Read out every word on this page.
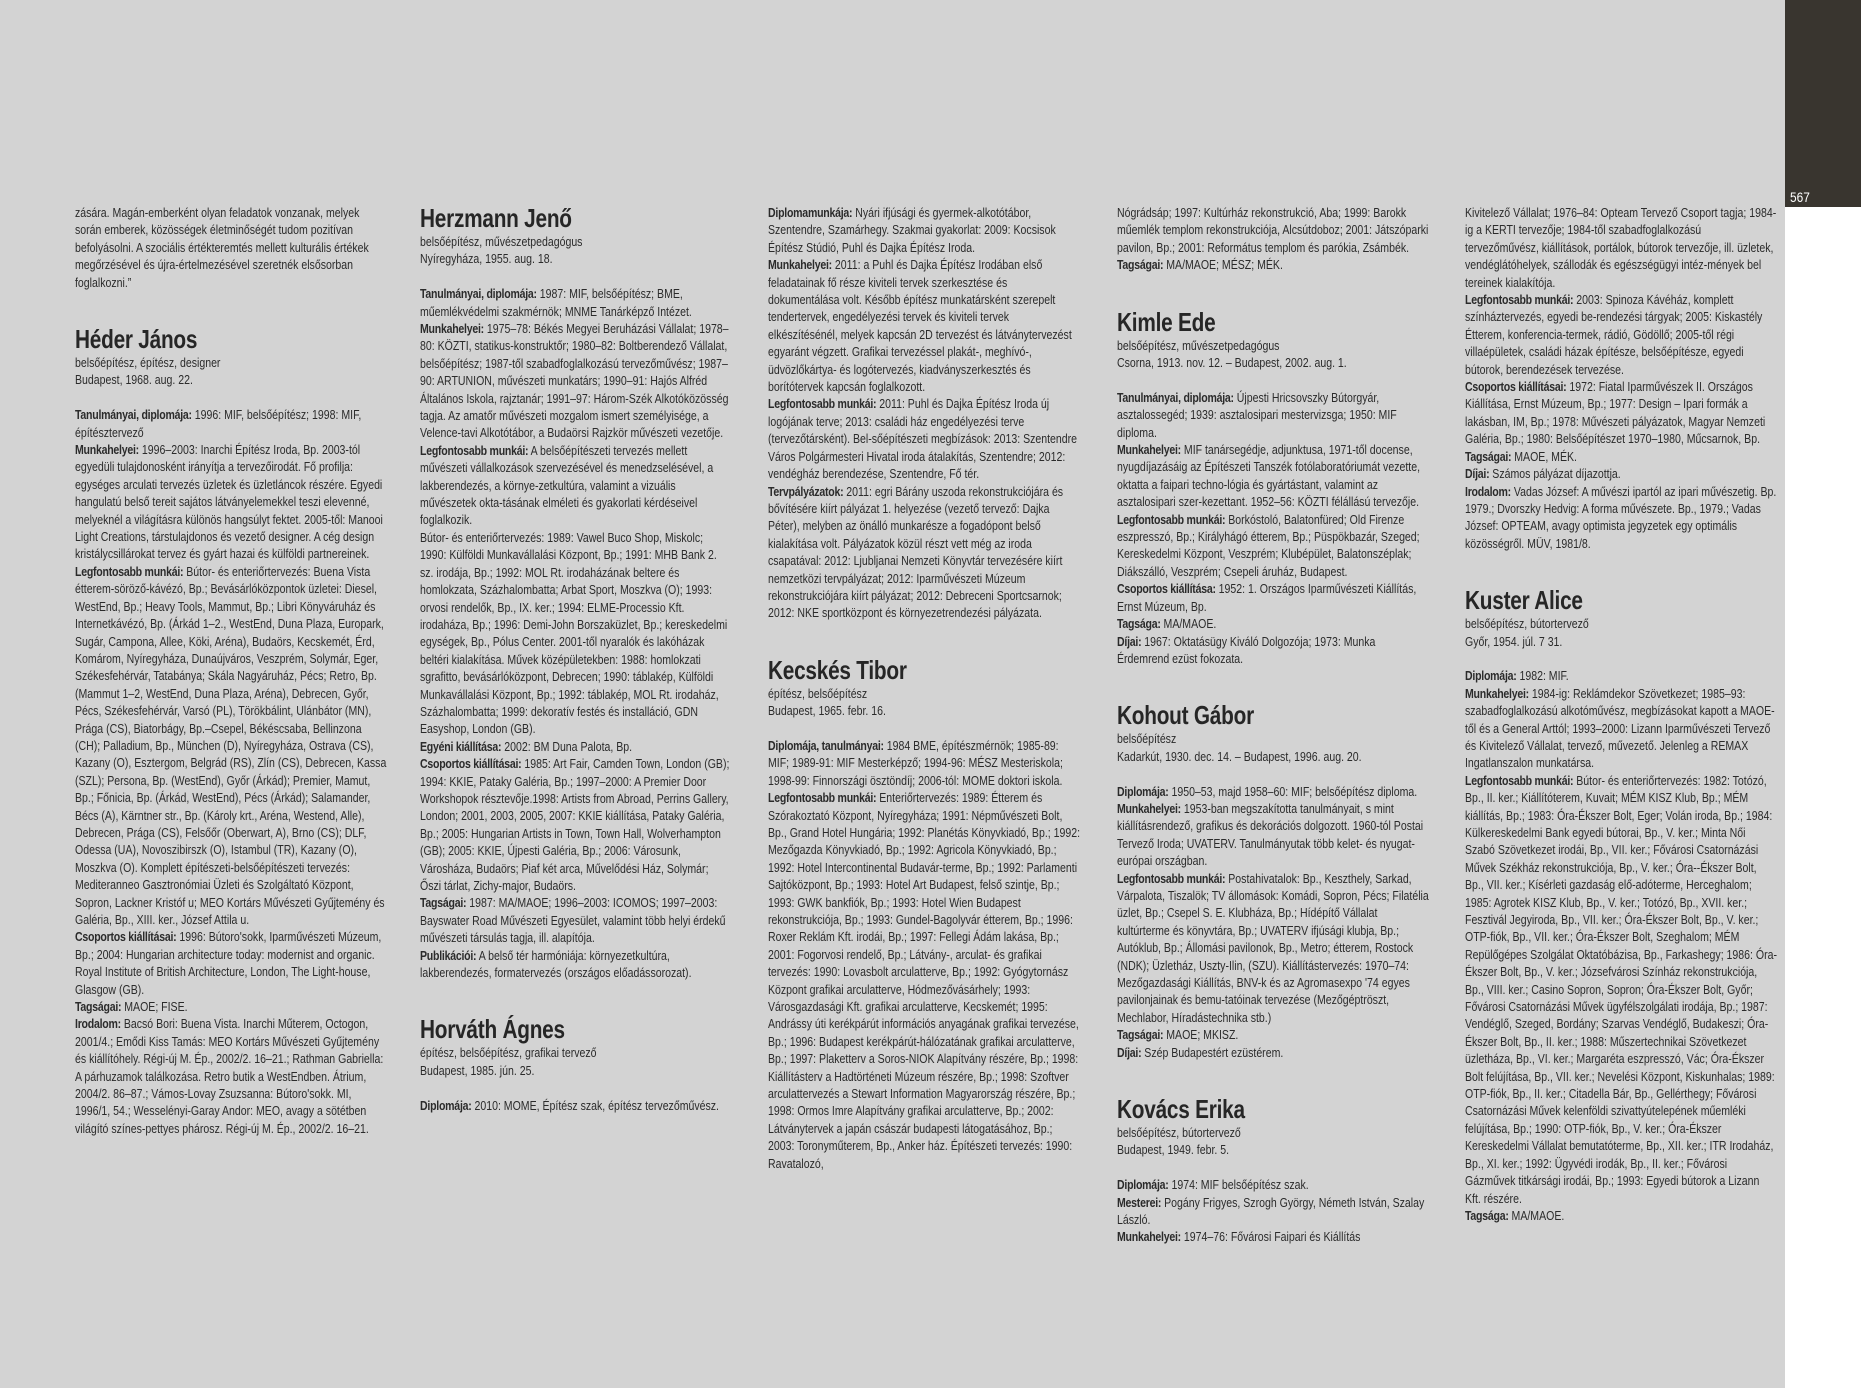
567

zására. Magán-emberként olyan feladatok vonzanak, melyek során emberek, közösségek életminőségét tudom pozitívan befolyásolni. A szociális értékteremtés mellett kulturális értékek megőrzésével és újra-értelmezésével szeretnék elsősorban foglalkozni.”

Héder János
belsőépítész, építész, designer
Budapest, 1968. aug. 22.

Tanulmányai, diplomája: 1996: MIF, belsőépítész; 1998: MIF, építésztervező

Munkahelyei: 1996–2003: Inarchi Építész Iroda, Bp. 2003-tól egyedüli tulajdonosként irányítja a tervezőirodát. Fő profilja: egységes arculati tervezés üzletek és üzletláncok részére. Egyedi hangulatú belső tereit sajátos látványelemekkel teszi elevenné, melyeknél a világításra különös hangsúlyt fektet. 2005-től: Manooi Light Creations, társtulajdonos és vezető designer. A cég design kristálycsillárokat tervez és gyárt hazai és külföldi partnereinek.

Legfontosabb munkái: Bútor- és enteriőrtervezés: Buena Vista étterem-söröző-kávézó, Bp.; Bevásárlóközpontok üzletei: Diesel, WestEnd, Bp.; Heavy Tools, Mammut, Bp.; Libri Könyváruház és Internetkávézó, Bp. (Árkád 1–2., WestEnd, Duna Plaza, Europark, Sugár, Campona, Allee, Köki, Aréna), Budaörs, Kecskemét, Érd, Komárom, Nyíregyháza, Dunaújváros, Veszprém, Solymár, Eger, Székesfehérvár, Tatabánya; Skála Nagyáruház, Pécs; Retro, Bp. (Mammut 1–2, WestEnd, Duna Plaza, Aréna), Debrecen, Győr, Pécs, Székesfehérvár, Varsó (PL), Törökbálint, Ulánbátor (MN), Prága (CS), Biatorbágy, Bp.–Csepel, Békéscsaba, Bellinzona (CH); Palladium, Bp., München (D), Nyíregyháza, Ostrava (CS), Kazany (O), Esztergom, Belgrád (RS), Zlín (CS), Debrecen, Kassa (SZL); Persona, Bp. (WestEnd), Győr (Árkád); Premier, Mamut, Bp.; Főnicia, Bp. (Árkád, WestEnd), Pécs (Árkád); Salamander, Bécs (A), Kärntner str., Bp. (Károly krt., Aréna, Westend, Alle), Debrecen, Prága (CS), Felsőőr (Oberwart, A), Brno (CS); DLF, Odessa (UA), Novoszibirszk (O), Istambul (TR), Kazany (O), Moszkva (O). Komplett építészeti-belsőépítészeti tervezés: Mediteranneo Gasztronómiai Üzleti és Szolgáltató Központ, Sopron, Lackner Kristóf u; MEO Kortárs Művészeti Gyűjtemény és Galéria, Bp., XIII. ker., József Attila u.

Csoportos kiállításai: 1996: Bútoro'sokk, Iparművészeti Múzeum, Bp.; 2004: Hungarian architecture today: modernist and organic. Royal Institute of British Architecture, London, The Light-house, Glasgow (GB).

Tagságai: MAOE; FISE.

Irodalom: Bacsó Bori: Buena Vista. Inarchi Műterem, Octogon, 2001/4.; Emődi Kiss Tamás: MEO Kortárs Művészeti Gyűjtemény és kiállítóhely. Régi-új M. Ép., 2002/2. 16–21.; Rathman Gabriella: A párhuzamok találkozása. Retro butik a WestEndben. Átrium, 2004/2. 86–87.; Vámos-Lovay Zsuzsanna: Bútoro'sokk. MI, 1996/1, 54.; Wesselényi-Garay Andor: MEO, avagy a sötétben világító színes-pettyes phárosz. Régi-új M. Ép., 2002/2. 16–21.

Herzmann Jenő
belsőépítész, művészetpedagógus
Nyíregyháza, 1955. aug. 18.

Tanulmányai, diplomája: 1987: MIF, belsőépítész; BME, műemlékvédelmi szakmérnök; MNME Tanárképző Intézet.

Munkahelyei: 1975–78: Békés Megyei Beruházási Vállalat; 1978–80: KÖZTI, statikus-konstruktőr; 1980–82: Boltberendező Vállalat, belsőépítész; 1987-től szabadfoglalkozású tervezőművész; 1987–90: ARTUNION, művészeti munkatárs; 1990–91: Hajós Alfréd Általános Iskola, rajztanár; 1991–97: Három-Szék Alkotóközösség tagja. Az amatőr művészeti mozgalom ismert személyisége, a Velence-tavi Alkotótábor, a Budaörsi Rajzkör művészeti vezetője.

Legfontosabb munkái: A belsőépítészeti tervezés mellett művészeti vállalkozások szervezésével és menedzselésével, a lakberendezés, a környe-zetkultúra, valamint a vizuális művészetek okta-tásának elméleti és gyakorlati kérdéseivel foglalkozik.

Bútor- és enteriőrtervezés: 1989: Vawel Buco Shop, Miskolc; 1990: Külföldi Munkavállalási Központ, Bp.; 1991: MHB Bank 2. sz. irodája, Bp.; 1992: MOL Rt. irodaházának beltere és homlokzata, Százhalombatta; Arbat Sport, Moszkva (O); 1993: orvosi rendelők, Bp., IX. ker.; 1994: ELME-Processio Kft. irodaháza, Bp.; 1996: Demi-John Borszaküzlet, Bp.; kereskedelmi egységek, Bp., Pólus Center. 2001-től nyaralók és lakóházak beltéri kialakítása. Művek középületekben: 1988: homlokzati sgrafitto, bevásárlóközpont, Debrecen; 1990: táblakép, Külföldi Munkavállalási Központ, Bp.; 1992: táblakép, MOL Rt. irodaház, Százhalombatta; 1999: dekoratív festés és installáció, GDN Easyshop, London (GB).

Egyéni kiállítása: 2002: BM Duna Palota, Bp.

Csoportos kiállításai: 1985: Art Fair, Camden Town, London (GB); 1994: KKIE, Pataky Galéria, Bp.; 1997–2000: A Premier Door Workshopok résztevője.1998: Artists from Abroad, Perrins Gallery, London; 2001, 2003, 2005, 2007: KKIE kiállítása, Pataky Galéria, Bp.; 2005: Hungarian Artists in Town, Town Hall, Wolverhampton (GB); 2005: KKIE, Újpesti Galéria, Bp.; 2006: Városunk, Városháza, Budaörs; Piaf két arca, Művelődési Ház, Solymár; Őszi tárlat, Zichy-major, Budaörs.

Tagságai: 1987: MA/MAOE; 1996–2003: ICOMOS; 1997–2003: Bayswater Road Művészeti Egyesület, valamint több helyi érdekű művészeti társulás tagja, ill. alapítója.

Publikációi: A belső tér harmóniája: környezetkultúra, lakberendezés, formatervezés (országos előadássorozat).

Horváth Ágnes
építész, belsőépítész, grafikai tervező
Budapest, 1985. jún. 25.

Diplomája: 2010: MOME, Építész szak, építész tervezőművész.

Diplomamunkája: Nyári ifjúsági és gyermek-alkotótábor, Szentendre, Szamárhegy. Szakmai gyakorlat: 2009: Kocsisok Építész Stúdió, Puhl és Dajka Építész Iroda.

Munkahelyei: 2011: a Puhl és Dajka Építész Irodában első feladatainak fő része kiviteli tervek szerkesztése és dokumentálása volt. Később építész munkatársként szerepelt tendertervek, engedélyezési tervek és kiviteli tervek elkészítésénél, melyek kapcsán 2D tervezést és látványtervezést egyaránt végzett. Grafikai tervezéssel plakát-, meghívó-, üdvözlőkártya- és logótervezés, kiadványszerkesztés és borítótervek kapcsán foglalkozott.

Legfontosabb munkái: 2011: Puhl és Dajka Építész Iroda új logójának terve; 2013: családi ház engedélyezési terve (tervezőtársként). Bel-sőépítészeti megbízások: 2013: Szentendre Város Polgármesteri Hivatal iroda átalakítás, Szentendre; 2012: vendégház berendezése, Szentendre, Fő tér.

Tervpályázatok: 2011: egri Bárány uszoda rekonstrukciójára és bővítésére kiírt pályázat 1. helyezése (vezető tervező: Dajka Péter), melyben az önálló munkarésze a fogadópont belső kialakítása volt. Pályázatok közül részt vett még az iroda csapatával: 2012: Ljubljanai Nemzeti Könyvtár tervezésére kiírt nemzetközi tervpályázat; 2012: Iparművészeti Múzeum rekonstrukciójára kiírt pályázat; 2012: Debreceni Sportcsarnok; 2012: NKE sportközpont és környezetrendezési pályázata.

Kecskés Tibor
építész, belsőépítész
Budapest, 1965. febr. 16.

Diplomája, tanulmányai: 1984 BME, építészmérnök; 1985-89: MIF; 1989-91: MIF Mesterképző; 1994-96: MÉSZ Mesteriskola; 1998-99: Finnországi ösztöndíj; 2006-tól: MOME doktori iskola.

Legfontosabb munkái: Enteriőrtervezés: 1989: Étterem és Szórakoztató Központ, Nyíregyháza; 1991: Népművészeti Bolt, Bp., Grand Hotel Hungária; 1992: Planétás Könyvkiadó, Bp.; 1992: Mezőgazda Könyvkiadó, Bp.; 1992: Agricola Könyvkiadó, Bp.; 1992: Hotel Intercontinental Budavár-terme, Bp.; 1992: Parlamenti Sajtóközpont, Bp.; 1993: Hotel Art Budapest, felső szintje, Bp.; 1993: GWK bankfiók, Bp.; 1993: Hotel Wien Budapest rekonstrukciója, Bp.; 1993: Gundel-Bagolyvár étterem, Bp.; 1996: Roxer Reklám Kft. irodái, Bp.; 1997: Fellegi Ádám lakása, Bp.; 2001: Fogorvosi rendelő, Bp.; Látvány-, arculat- és grafikai tervezés: 1990: Lovasbolt arculatterve, Bp.; 1992: Gyógytornász Központ grafikai arculatterve, Hódmezővásárhely; 1993: Városgazdasági Kft. grafikai arculatterve, Kecskemét; 1995: Andrássy úti kerékpárút információs anyagának grafikai tervezése, Bp.; 1996: Budapest kerékpárút-hálózatának grafikai arculatterve, Bp.; 1997: Plaketterv a Soros-NIOK Alapítvány részére, Bp.; 1998: Kiállításterv a Hadtörténeti Múzeum részére, Bp.; 1998: Szoftver arculattervezés a Stewart Information Magyarország részére, Bp.; 1998: Ormos Imre Alapítvány grafikai arculatterve, Bp.; 2002: Látványtervek a japán császár budapesti látogatásához, Bp.; 2003: Toronyműterem, Bp., Anker ház. Építészeti tervezés: 1990: Ravatalozó,

Nógrádsáp; 1997: Kultúrház rekonstrukció, Aba; 1999: Barokk műemlék templom rekonstrukciója, Alcsútdoboz; 2001: Játszóparki pavilon, Bp.; 2001: Református templom és parókia, Zsámbék.

Tagságai: MA/MAOE; MÉSZ; MÉK.

Kimle Ede
belsőépítész, művészetpedagógus
Csorna, 1913. nov. 12. – Budapest, 2002. aug. 1.

Tanulmányai, diplomája: Újpesti Hricsovszky Bútorgyár, asztalossegéd; 1939: asztalosipari mestervizsga; 1950: MIF diploma.

Munkahelyei: MIF tanársegédje, adjunktusa, 1971-től docense, nyugdíjazásáig az Építészeti Tanszék fotólaboratóriumát vezette, oktatta a faipari techno-lógia és gyártástant, valamint az asztalosipari szer-kezettant. 1952–56: KÖZTI félállású tervezője.

Legfontosabb munkái: Borkóstoló, Balatonfüred; Old Firenze eszpresszó, Bp.; Királyhágó étterem, Bp.; Püspökbazár, Szeged; Kereskedelmi Központ, Veszprém; Klubépület, Balatonszéplak; Diákszálló, Veszprém; Csepeli áruház, Budapest.

Csoportos kiállítása: 1952: 1. Országos Iparművészeti Kiállítás, Ernst Múzeum, Bp.

Tagsága: MA/MAOE.

Díjai: 1967: Oktatásügy Kiváló Dolgozója; 1973: Munka Érdemrend ezüst fokozata.

Kohout Gábor
belsőépítész
Kadarkút, 1930. dec. 14. – Budapest, 1996. aug. 20.

Diplomája: 1950–53, majd 1958–60: MIF; belsőépítész diploma.

Munkahelyei: 1953-ban megszakította tanulmányait, s mint kiállításrendező, grafikus és dekorációs dolgozott. 1960-tól Postai Tervező Iroda; UVATERV. Tanulmányutak több kelet- és nyugat-európai országban.

Legfontosabb munkái: Postahivatalok: Bp., Keszthely, Sarkad, Várpalota, Tiszalök; TV állomások: Komádi, Sopron, Pécs; Filatélia üzlet, Bp.; Csepel S. E. Klubháza, Bp.; Hídépítő Vállalat kultúrterme és könyvtára, Bp.; UVATERV ifjúsági klubja, Bp.; Autóklub, Bp.; Állomási pavilonok, Bp., Metro; étterem, Rostock (NDK); Üzletház, Uszty-Ilin, (SZU). Kiállítástervezés: 1970–74: Mezőgazdasági Kiállítás, BNV-k és az Agromasexpo '74 egyes pavilonjainak és bemu-tatóinak tervezése (Mezőgéptröszt, Mechlabor, Híradástechnika stb.)

Tagságai: MAOE; MKISZ.

Díjai: Szép Budapestért ezüstérem.

Kovács Erika
belsőépítész, bútortervező
Budapest, 1949. febr. 5.

Diplomája: 1974: MIF belsőépítész szak.

Mesterei: Pogány Frigyes, Szrogh György, Németh István, Szalay László.

Munkahelyei: 1974–76: Fővárosi Faipari és Kiállítás

Kivitelező Vállalat; 1976–84: Opteam Tervező Csoport tagja; 1984-ig a KERTI tervezője; 1984-től szabadfoglalkozású tervezőművész, kiállítások, portálok, bútorok tervezője, ill. üzletek, vendéglátóhelyek, szállodák és egészségügyi intéz-mények bel tereinek kialakítója.

Legfontosabb munkái: 2003: Spinoza Kávéház, komplett színháztervezés, egyedi be-rendezési tárgyak; 2005: Kiskastély Étterem, konferencia-termek, rádió, Gödöllő; 2005-től régi villaépületek, családi házak építésze, belsőépítésze, egyedi bútorok, berendezések tervezése.

Csoportos kiállításai: 1972: Fiatal Iparművészek II. Országos Kiállítása, Ernst Múzeum, Bp.; 1977: Design – Ipari formák a lakásban, IM, Bp.; 1978: Művészeti pályázatok, Magyar Nemzeti Galéria, Bp.; 1980: Belsőépítészet 1970–1980, Műcsarnok, Bp.

Tagságai: MAOE, MÉK.

Díjai: Számos pályázat díjazottja.

Irodalom: Vadas József: A művészi ipartól az ipari művészetig. Bp. 1979.; Dvorszky Hedvig: A forma művészete. Bp., 1979.; Vadas József: OPTEAM, avagy optimista jegyzetek egy optimális közösségről. MÜV, 1981/8.

Kuster Alice
belsőépítész, bútortervező
Győr, 1954. júl. 7 31.

Diplomája: 1982: MIF.

Munkahelyei: 1984-ig: Reklámdekor Szövetkezet; 1985–93: szabadfoglalkozású alkotóművész, megbízásokat kapott a MAOE-től és a General Arttól; 1993–2000: Lizann Iparművészeti Tervező és Kivitelező Vállalat, tervező, művezető. Jelenleg a REMAX Ingatlanszalon munkatársa.

Legfontosabb munkái: Bútor- és enteriőrtervezés: 1982: Totózó, Bp., II. ker.; Kiállítóterem, Kuvait; MÉM KISZ Klub, Bp.; MÉM kiállítás, Bp.; 1983: Óra-Ékszer Bolt, Eger; Volán iroda, Bp.; 1984: Külkereskedelmi Bank egyedi bútorai, Bp., V. ker.; Minta Női Szabó Szövetkezet irodái, Bp., VII. ker.; Fővárosi Csatornázási Művek Székház rekonstrukciója, Bp., V. ker.; Óra--Ékszer Bolt, Bp., VII. ker.; Kísérleti gazdaság elő-adóterme, Herceghalom; 1985: Agrotek KISZ Klub, Bp., V. ker.; Totózó, Bp., XVII. ker.; Fesztivál Jegyiroda, Bp., VII. ker.; Óra-Ékszer Bolt, Bp., V. ker.; OTP-fiók, Bp., VII. ker.; Óra-Ékszer Bolt, Szeghalom; MÉM Repülőgépes Szolgálat Oktatóbázisa, Bp., Farkashegy; 1986: Óra-Ékszer Bolt, Bp., V. ker.; Józsefvárosi Színház rekonstrukciója, Bp., VIII. ker.; Casino Sopron, Sopron; Óra-Ékszer Bolt, Győr; Fővárosi Csatornázási Művek ügyfélszolgálati irodája, Bp.; 1987: Vendéglő, Szeged, Bordány; Szarvas Vendéglő, Budakeszi; Óra-Ékszer Bolt, Bp., II. ker.; 1988: Műszertechnikai Szövetkezet üzletháza, Bp., VI. ker.; Margaréta eszpresszó, Vác; Óra-Ékszer Bolt felújítása, Bp., VII. ker.; Nevelési Központ, Kiskunhalas; 1989: OTP-fiók, Bp., II. ker.; Citadella Bár, Bp., Gellérthegy; Fővárosi Csatornázási Művek kelenföldi szivattyútelepének műemléki felújítása, Bp.; 1990: OTP-fiók, Bp., V. ker.; Óra-Ékszer Kereskedelmi Vállalat bemutatóterme, Bp., XII. ker.; ITR Irodaház, Bp., XI. ker.; 1992: Ügyvédi irodák, Bp., II. ker.; Fővárosi Gázművek titkársági irodái, Bp.; 1993: Egyedi bútorok a Lizann Kft. részére.

Tagsága: MA/MAOE.
